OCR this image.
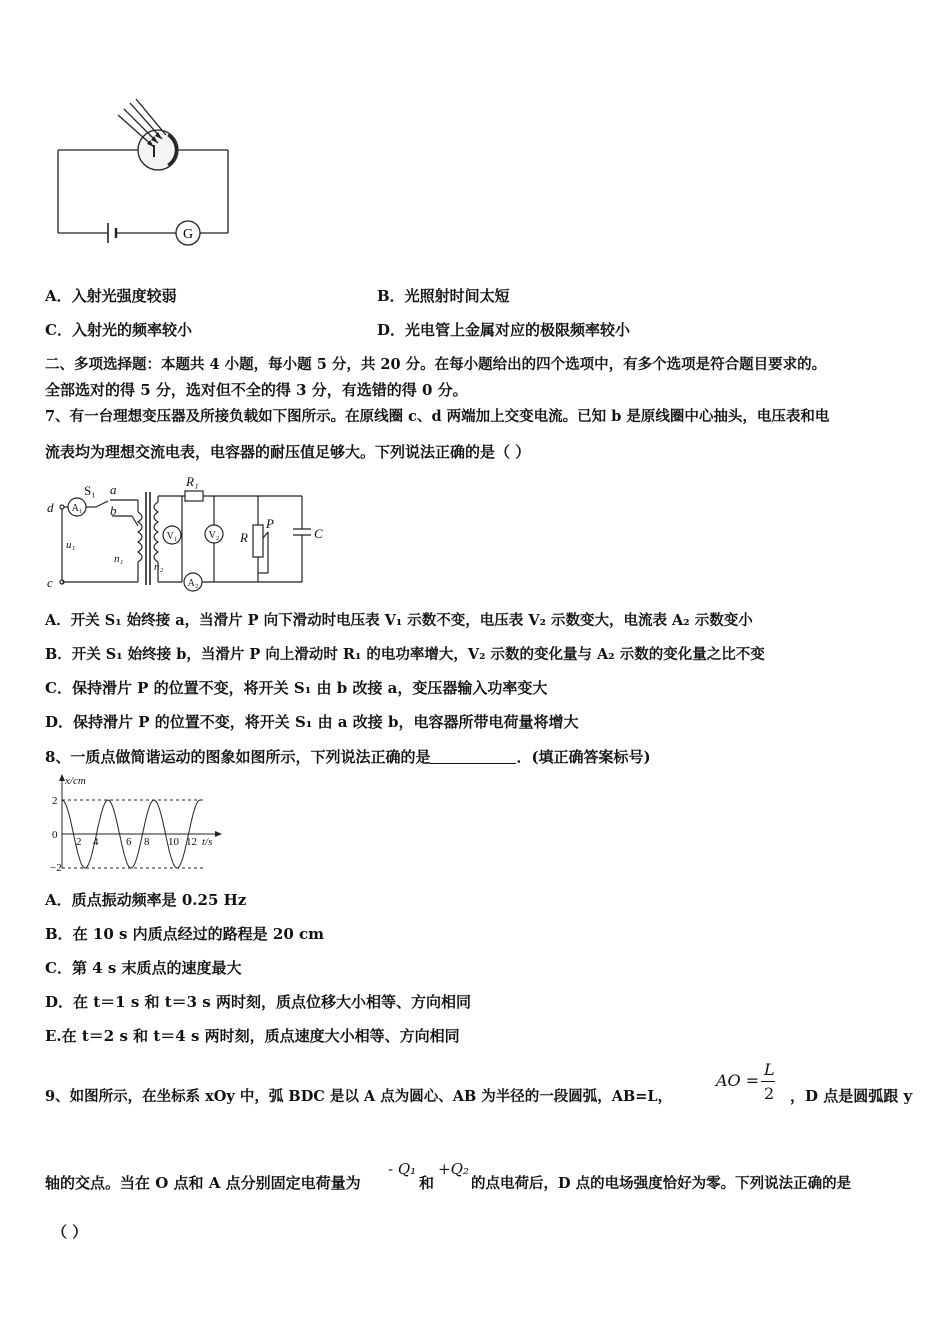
G
A．入射光强度较弱	B．光照射时间太短
C．入射光的频率较小	D．光电管上金属对应的极限频率较小
二、多项选择题：本题共 4 小题，每小题 5 分，共 20 分。在每小题给出的四个选项中，有多个选项是符合题目要求的。
全部选对的得 5 分，选对但不全的得 3 分，有选错的得 0 分。
7、有一台理想变压器及所接负载如下图所示。在原线圈 c、d 两端加上交变电流。已知 b 是原线圈中心抽头，电压表和电
流表均为理想交流电表，电容器的耐压值足够大。下列说法正确的是（ ）
d
c
A₁
S₁ a
b
u₁
n₁
n₂
V₁	V₂
A₂
R₁
R
P
C
A．开关 S₁ 始终接 a，当滑片 P 向下滑动时电压表 V₁ 示数不变，电压表 V₂ 示数变大，电流表 A₂ 示数变小
B．开关 S₁ 始终接 b，当滑片 P 向上滑动时 R₁ 的电功率增大，V₂ 示数的变化量与 A₂ 示数的变化量之比不变
C．保持滑片 P 的位置不变，将开关 S₁ 由 b 改接 a，变压器输入功率变大
D．保持滑片 P 的位置不变，将开关 S₁ 由 a 改接 b，电容器所带电荷量将增大
8、一质点做简谐运动的图象如图所示，下列说法正确的是	．(填正确答案标号)
x/cm
t/s
2
0
−2
2 4	6 8 10 12
A．质点振动频率是 0.25 Hz
B．在 10 s 内质点经过的路程是 20 cm
C．第 4 s 末质点的速度最大
D．在 t＝1 s 和 t＝3 s 两时刻，质点位移大小相等、方向相同
E.在 t＝2 s 和 t＝4 s 两时刻，质点速度大小相等、方向相同
9、如图所示，在坐标系 xOy 中，弧 BDC 是以 A 点为圆心、AB 为半径的一段圆弧，AB=L，
AO =
L
2 ，D 点是圆弧跟 y
轴的交点。当在 O 点和 A 点分别固定电荷量为
- Q₁
和
+Q₂
的点电荷后，D 点的电场强度恰好为零。下列说法正确的是
（ ）
